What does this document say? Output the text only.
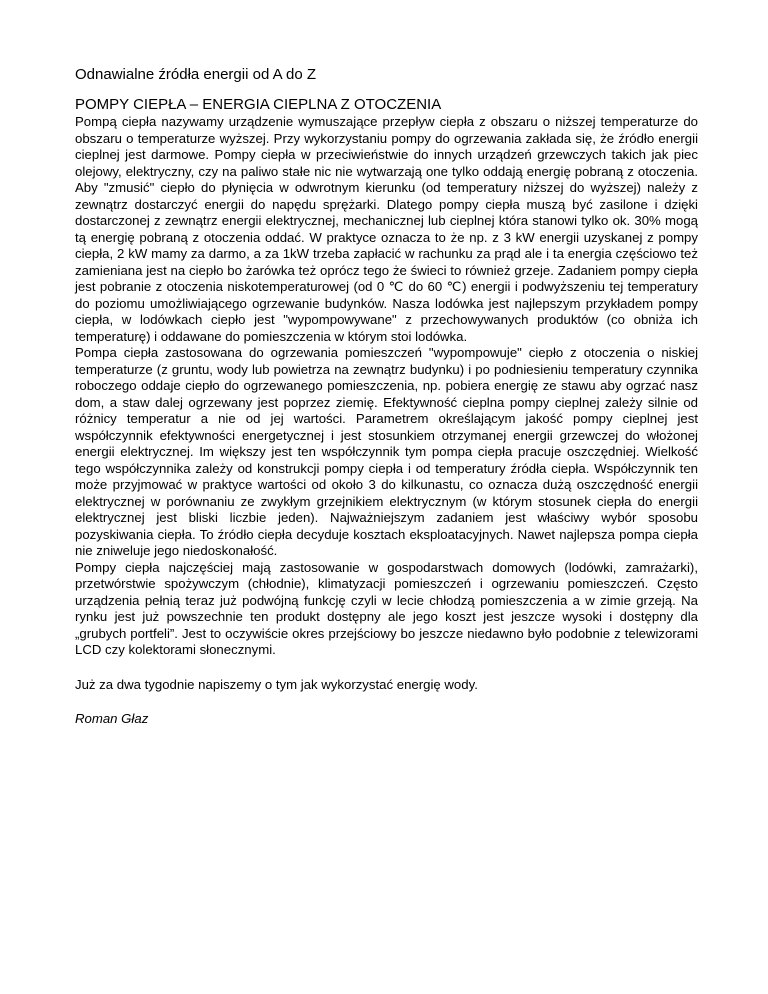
Odnawialne źródła energii od A do Z
POMPY CIEPŁA – ENERGIA CIEPLNA Z OTOCZENIA

Pompą ciepła nazywamy urządzenie wymuszające przepływ ciepła z obszaru o niższej temperaturze do obszaru o temperaturze wyższej. Przy wykorzystaniu pompy do ogrzewania zakłada się, że źródło energii cieplnej jest darmowe. Pompy ciepła w przeciwieństwie do innych urządzeń grzewczych takich jak piec olejowy, elektryczny, czy na paliwo stałe nic nie wytwarzają one tylko oddają energię pobraną z otoczenia. Aby "zmusić" ciepło do płynięcia w odwrotnym kierunku (od temperatury niższej do wyższej) należy z zewnątrz dostarczyć energii do napędu sprężarki. Dlatego pompy ciepła muszą być zasilone i dzięki dostarczonej z zewnątrz energii elektrycznej, mechanicznej lub cieplnej która stanowi tylko ok. 30% mogą tą energię pobraną z otoczenia oddać. W praktyce oznacza to że np. z 3 kW energii uzyskanej z pompy ciepła, 2 kW mamy za darmo, a za 1kW trzeba zapłacić w rachunku za prąd ale i ta energia częściowo też zamieniana jest na ciepło bo żarówka też oprócz tego że świeci to również grzeje. Zadaniem pompy ciepła jest pobranie z otoczenia niskotemperaturowej (od 0 ℃ do 60 ℃) energii i podwyższeniu tej temperatury do poziomu umożliwiającego ogrzewanie budynków. Nasza lodówka jest najlepszym przykładem pompy ciepła, w lodówkach ciepło jest "wypompowywane" z przechowywanych produktów (co obniża ich temperaturę) i oddawane do pomieszczenia w którym stoi lodówka.

Pompa ciepła zastosowana do ogrzewania pomieszczeń "wypompowuje" ciepło z otoczenia o niskiej temperaturze (z gruntu, wody lub powietrza na zewnątrz budynku) i po podniesieniu temperatury czynnika roboczego oddaje ciepło do ogrzewanego pomieszczenia, np. pobiera energię ze stawu aby ogrzać nasz dom, a staw dalej ogrzewany jest poprzez ziemię. Efektywność cieplna pompy cieplnej zależy silnie od różnicy temperatur a nie od jej wartości. Parametrem określającym jakość pompy cieplnej jest współczynnik efektywności energetycznej i jest stosunkiem otrzymanej energii grzewczej do włożonej energii elektrycznej. Im większy jest ten współczynnik tym pompa ciepła pracuje oszczędniej. Wielkość tego współczynnika zależy od konstrukcji pompy ciepła i od temperatury źródła ciepła. Współczynnik ten może przyjmować w praktyce wartości od około 3 do kilkunastu, co oznacza dużą oszczędność energii elektrycznej w porównaniu ze zwykłym grzejnikiem elektrycznym (w którym stosunek ciepła do energii elektrycznej jest bliski liczbie jeden). Najważniejszym zadaniem jest właściwy wybór sposobu pozyskiwania ciepła. To źródło ciepła decyduje kosztach eksploatacyjnych. Nawet najlepsza pompa ciepła nie zniweluje jego niedoskonałość.

Pompy ciepła najczęściej mają zastosowanie w gospodarstwach domowych (lodówki, zamrażarki), przetwórstwie spożywczym (chłodnie), klimatyzacji pomieszczeń i ogrzewaniu pomieszczeń. Często urządzenia pełnią teraz już podwójną funkcję czyli w lecie chłodzą pomieszczenia a w zimie grzeją. Na rynku jest już powszechnie ten produkt dostępny ale jego koszt jest jeszcze wysoki i dostępny dla „grubych portfeli”. Jest to oczywiście okres przejściowy bo jeszcze niedawno było podobnie z telewizorami LCD czy kolektorami słonecznymi.

Już za dwa tygodnie napiszemy o tym jak wykorzystać energię wody.

Roman Głaz
